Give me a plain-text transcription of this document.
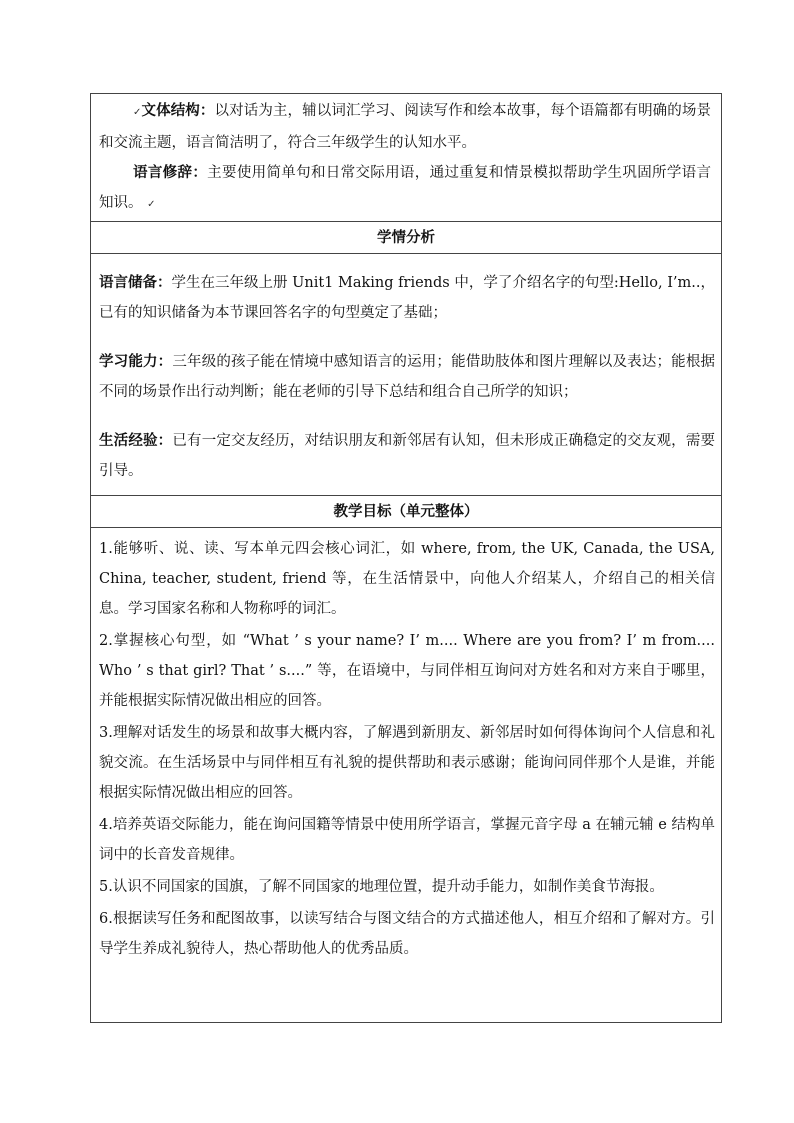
✓文体结构：以对话为主，辅以词汇学习、阅读写作和绘本故事，每个语篇都有明确的场景和交流主题，语言简洁明了，符合三年级学生的认知水平。

语言修辞：主要使用简单句和日常交际用语，通过重复和情景模拟帮助学生巩固所学语言知识。 ✓

学情分析

语言储备：学生在三年级上册 Unit1 Making friends 中，学了介绍名字的句型:Hello, I’m..，已有的知识储备为本节课回答名字的句型奠定了基础；

学习能力：三年级的孩子能在情境中感知语言的运用；能借助肢体和图片理解以及表达；能根据不同的场景作出行动判断；能在老师的引导下总结和组合自己所学的知识；

生活经验：已有一定交友经历，对结识朋友和新邻居有认知，但未形成正确稳定的交友观，需要引导。

教学目标（单元整体）

1.能够听、说、读、写本单元四会核心词汇，如 where, from, the UK, Canada, the USA, China, teacher, student, friend 等，在生活情景中，向他人介绍某人，介绍自己的相关信息。学习国家名称和人物称呼的词汇。

2.掌握核心句型，如 “What ’ s your name? I’ m.... Where are you from? I’ m from.... Who ’ s that girl? That ’ s....” 等，在语境中，与同伴相互询问对方姓名和对方来自于哪里，并能根据实际情况做出相应的回答。

3.理解对话发生的场景和故事大概内容，了解遇到新朋友、新邻居时如何得体询问个人信息和礼貌交流。在生活场景中与同伴相互有礼貌的提供帮助和表示感谢；能询问同伴那个人是谁，并能根据实际情况做出相应的回答。

4.培养英语交际能力，能在询问国籍等情景中使用所学语言，掌握元音字母 a 在辅元辅 e 结构单词中的长音发音规律。

5.认识不同国家的国旗，了解不同国家的地理位置，提升动手能力，如制作美食节海报。

6.根据读写任务和配图故事，以读写结合与图文结合的方式描述他人，相互介绍和了解对方。引导学生养成礼貌待人，热心帮助他人的优秀品质。
